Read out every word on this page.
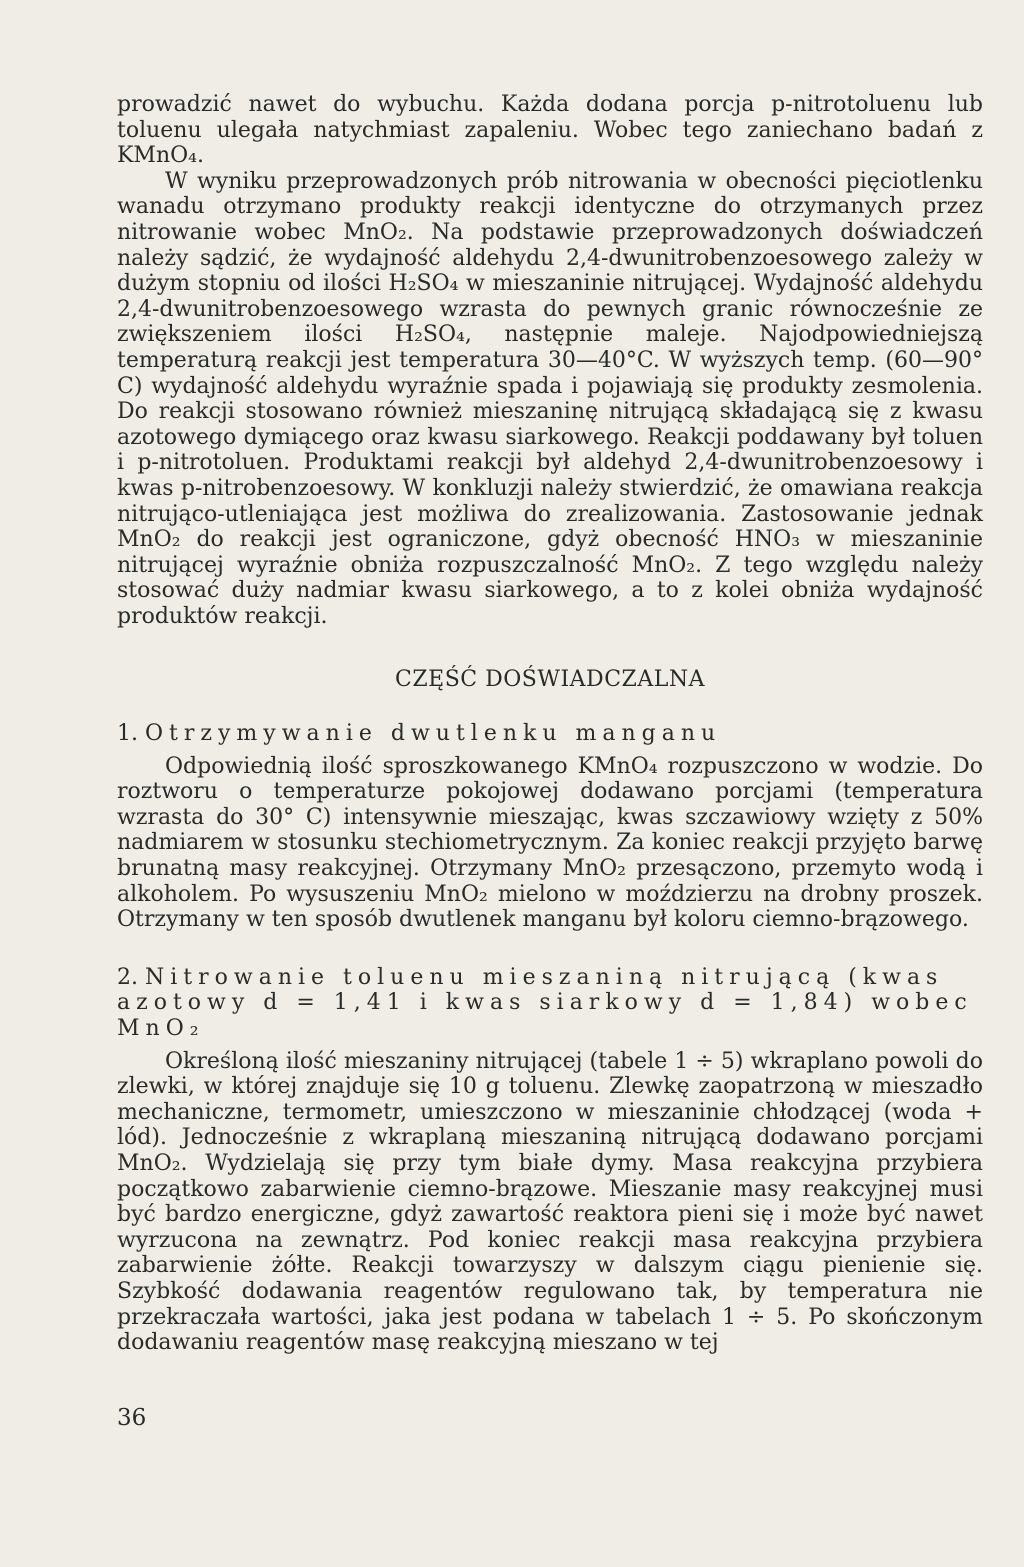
prowadzić nawet do wybuchu. Każda dodana porcja p-nitrotoluenu lub toluenu ulegała natychmiast zapaleniu. Wobec tego zaniechano badań z KMnO₄.

W wyniku przeprowadzonych prób nitrowania w obecności pięciotlenku wanadu otrzymano produkty reakcji identyczne do otrzymanych przez nitrowanie wobec MnO₂. Na podstawie przeprowadzonych doświadczeń należy sądzić, że wydajność aldehydu 2,4-dwunitrobenzoesowego zależy w dużym stopniu od ilości H₂SO₄ w mieszaninie nitrującej. Wydajność aldehydu 2,4-dwunitrobenzoesowego wzrasta do pewnych granic równocześnie ze zwiększeniem ilości H₂SO₄, następnie maleje. Najodpowiedniejszą temperaturą reakcji jest temperatura 30—40°C. W wyższych temp. (60—90° C) wydajność aldehydu wyraźnie spada i pojawiają się produkty zesmolenia. Do reakcji stosowano również mieszaninę nitrującą składającą się z kwasu azotowego dymiącego oraz kwasu siarkowego. Reakcji poddawany był toluen i p-nitrotoluen. Produktami reakcji był aldehyd 2,4-dwunitrobenzoesowy i kwas p-nitrobenzoesowy. W konkluzji należy stwierdzić, że omawiana reakcja nitrująco-utleniająca jest możliwa do zrealizowania. Zastosowanie jednak MnO₂ do reakcji jest ograniczone, gdyż obecność HNO₃ w mieszaninie nitrującej wyraźnie obniża rozpuszczalność MnO₂. Z tego względu należy stosować duży nadmiar kwasu siarkowego, a to z kolei obniża wydajność produktów reakcji.

CZĘŚĆ DOŚWIADCZALNA

1. Otrzymywanie dwutlenku manganu

Odpowiednią ilość sproszkowanego KMnO₄ rozpuszczono w wodzie. Do roztworu o temperaturze pokojowej dodawano porcjami (temperatura wzrasta do 30° C) intensywnie mieszając, kwas szczawiowy wzięty z 50% nadmiarem w stosunku stechiometrycznym. Za koniec reakcji przyjęto barwę brunatną masy reakcyjnej. Otrzymany MnO₂ przesączono, przemyto wodą i alkoholem. Po wysuszeniu MnO₂ mielono w moździerzu na drobny proszek. Otrzymany w ten sposób dwutlenek manganu był koloru ciemno-brązowego.

2. Nitrowanie toluenu mieszaniną nitrującą (kwas azotowy d = 1,41 i kwas siarkowy d = 1,84) wobec MnO₂

Określoną ilość mieszaniny nitrującej (tabele 1 ÷ 5) wkraplano powoli do zlewki, w której znajduje się 10 g toluenu. Zlewkę zaopatrzoną w mieszadło mechaniczne, termometr, umieszczono w mieszaninie chłodzącej (woda + lód). Jednocześnie z wkraplaną mieszaniną nitrującą dodawano porcjami MnO₂. Wydzielają się przy tym białe dymy. Masa reakcyjna przybiera początkowo zabarwienie ciemno-brązowe. Mieszanie masy reakcyjnej musi być bardzo energiczne, gdyż zawartość reaktora pieni się i może być nawet wyrzucona na zewnątrz. Pod koniec reakcji masa reakcyjna przybiera zabarwienie żółte. Reakcji towarzyszy w dalszym ciągu pienienie się. Szybkość dodawania reagentów regulowano tak, by temperatura nie przekraczała wartości, jaka jest podana w tabelach 1 ÷ 5. Po skończonym dodawaniu reagentów masę reakcyjną mieszano w tej

36
